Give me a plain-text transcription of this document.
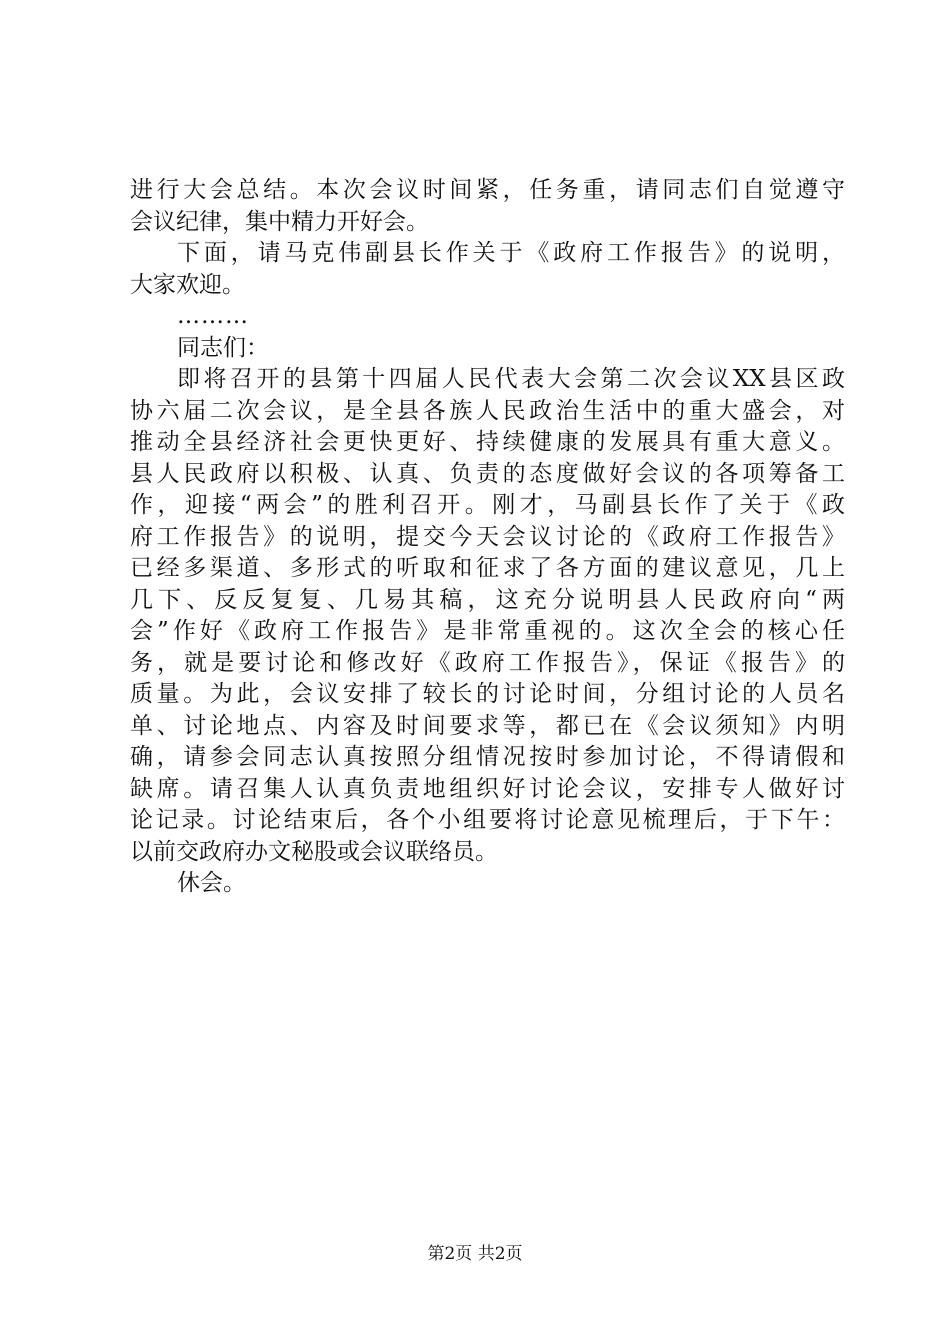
进行大会总结。本次会议时间紧，任务重，请同志们自觉遵守
会议纪律，集中精力开好会。
下面，请马克伟副县长作关于《政府工作报告》的说明，
大家欢迎。
………
同志们：
即将召开的县第十四届人民代表大会第二次会议XX县区政
协六届二次会议，是全县各族人民政治生活中的重大盛会，对
推动全县经济社会更快更好、持续健康的发展具有重大意义。
县人民政府以积极、认真、负责的态度做好会议的各项筹备工
作，迎接“两会”的胜利召开。刚才，马副县长作了关于《政
府工作报告》的说明，提交今天会议讨论的《政府工作报告》
已经多渠道、多形式的听取和征求了各方面的建议意见，几上
几下、反反复复、几易其稿，这充分说明县人民政府向“两
会”作好《政府工作报告》是非常重视的。这次全会的核心任
务，就是要讨论和修改好《政府工作报告》，保证《报告》的
质量。为此，会议安排了较长的讨论时间，分组讨论的人员名
单、讨论地点、内容及时间要求等，都已在《会议须知》内明
确，请参会同志认真按照分组情况按时参加讨论，不得请假和
缺席。请召集人认真负责地组织好讨论会议，安排专人做好讨
论记录。讨论结束后，各个小组要将讨论意见梳理后，于下午：
以前交政府办文秘股或会议联络员。
休会。
第2页 共2页
